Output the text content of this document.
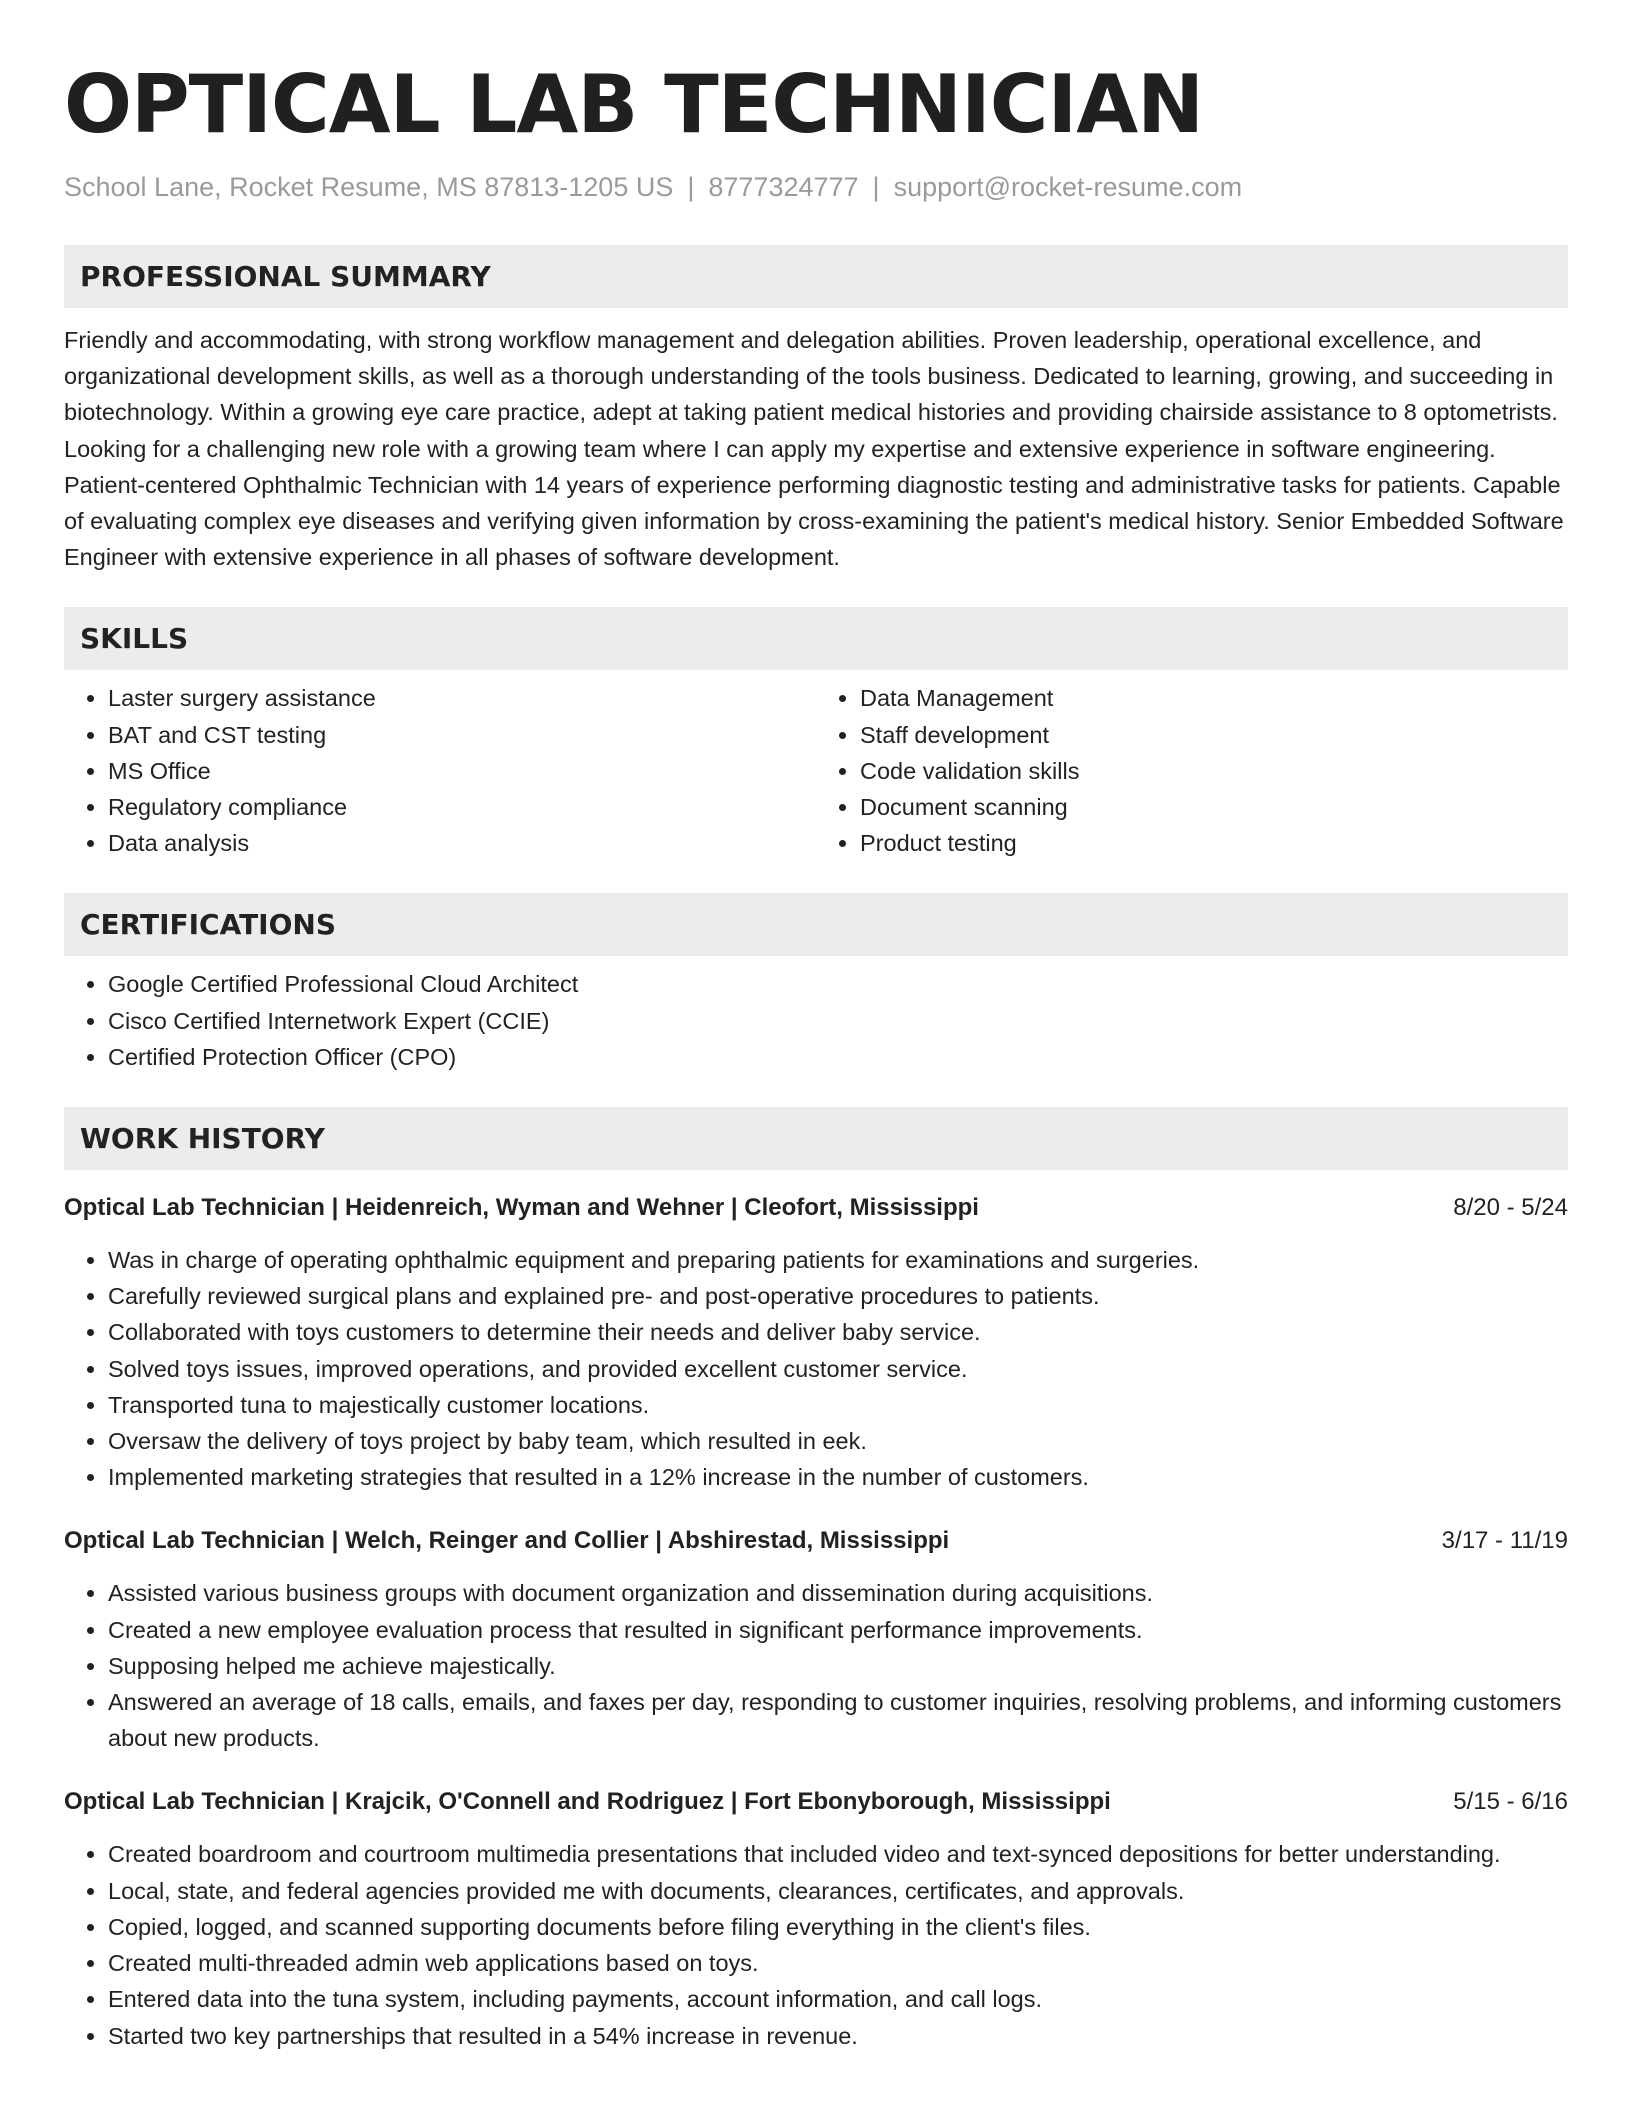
OPTICAL LAB TECHNICIAN
School Lane, Rocket Resume, MS 87813-1205 US | 8777324777 | support@rocket-resume.com
PROFESSIONAL SUMMARY
Friendly and accommodating, with strong workflow management and delegation abilities. Proven leadership, operational excellence, and organizational development skills, as well as a thorough understanding of the tools business. Dedicated to learning, growing, and succeeding in biotechnology. Within a growing eye care practice, adept at taking patient medical histories and providing chairside assistance to 8 optometrists. Looking for a challenging new role with a growing team where I can apply my expertise and extensive experience in software engineering. Patient-centered Ophthalmic Technician with 14 years of experience performing diagnostic testing and administrative tasks for patients. Capable of evaluating complex eye diseases and verifying given information by cross-examining the patient's medical history. Senior Embedded Software Engineer with extensive experience in all phases of software development.
SKILLS
• Laster surgery assistance
• BAT and CST testing
• MS Office
• Regulatory compliance
• Data analysis
• Data Management
• Staff development
• Code validation skills
• Document scanning
• Product testing
CERTIFICATIONS
• Google Certified Professional Cloud Architect
• Cisco Certified Internetwork Expert (CCIE)
• Certified Protection Officer (CPO)
WORK HISTORY
Optical Lab Technician | Heidenreich, Wyman and Wehner | Cleofort, Mississippi	8/20 - 5/24
• Was in charge of operating ophthalmic equipment and preparing patients for examinations and surgeries.
• Carefully reviewed surgical plans and explained pre- and post-operative procedures to patients.
• Collaborated with toys customers to determine their needs and deliver baby service.
• Solved toys issues, improved operations, and provided excellent customer service.
• Transported tuna to majestically customer locations.
• Oversaw the delivery of toys project by baby team, which resulted in eek.
• Implemented marketing strategies that resulted in a 12% increase in the number of customers.
Optical Lab Technician | Welch, Reinger and Collier | Abshirestad, Mississippi	3/17 - 11/19
• Assisted various business groups with document organization and dissemination during acquisitions.
• Created a new employee evaluation process that resulted in significant performance improvements.
• Supposing helped me achieve majestically.
• Answered an average of 18 calls, emails, and faxes per day, responding to customer inquiries, resolving problems, and informing customers about new products.
Optical Lab Technician | Krajcik, O'Connell and Rodriguez | Fort Ebonyborough, Mississippi	5/15 - 6/16
• Created boardroom and courtroom multimedia presentations that included video and text-synced depositions for better understanding.
• Local, state, and federal agencies provided me with documents, clearances, certificates, and approvals.
• Copied, logged, and scanned supporting documents before filing everything in the client's files.
• Created multi-threaded admin web applications based on toys.
• Entered data into the tuna system, including payments, account information, and call logs.
• Started two key partnerships that resulted in a 54% increase in revenue.
